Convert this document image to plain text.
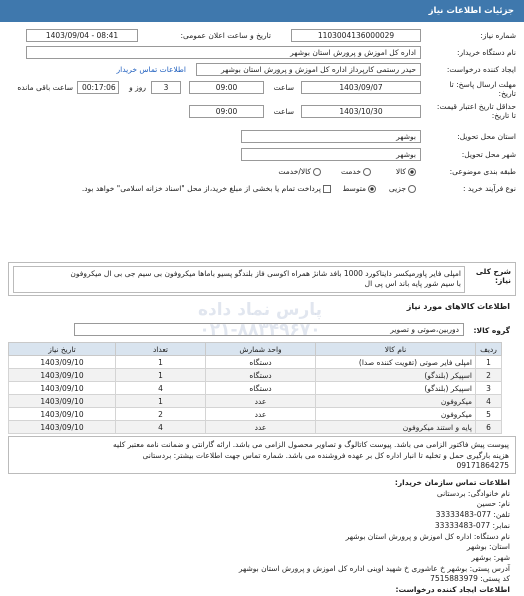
جزئیات اطلاعات نیاز
شماره نیاز:
1103004136000029
تاریخ و ساعت اعلان عمومی:
1403/09/04 - 08:41
نام دستگاه خریدار:
اداره کل اموزش و پرورش استان بوشهر
ایجاد کننده درخواست:
حیدر رستمی کارپرداز اداره کل اموزش و پرورش استان بوشهر
اطلاعات تماس خریدار
مهلت ارسال پاسخ: تا تاریخ:
1403/09/07
ساعت
09:00
3
روز و
00:17:06
ساعت باقی مانده
حداقل تاریخ اعتبار قیمت: تا تاریخ:
1403/10/30
ساعت
09:00
استان محل تحویل:
بوشهر
شهر محل تحویل:
بوشهر
طبقه بندی موضوعی:
کالا
خدمت
کالا/خدمت
نوع فرآیند خرید :
جزیی
متوسط
پرداخت تمام یا بخشی از مبلغ خرید،از محل "اسناد خزانه اسلامی" خواهد بود.
شرح کلی نیاز:
امپلی فایر پاورمیکسر دایناکورد 1000 بافد شانژ همراه اکوسی فاز بلندگو پسیو باماها میکروفون بی سیم جی بی ال میکروفون
با سیم شور پایه باند اس پی ال
اطلاعات کالاهای مورد نیاز
گروه کالا:
دوربین،صوتی و تصویر
ردیف	نام کالا	واحد شمارش	تعداد	تاریخ نیاز
1	امپلی فایر صوتی (تقویت کننده صدا)	دستگاه	1	1403/09/10
2	اسپیکر (بلندگو)	دستگاه	1	1403/09/10
3	اسپیکر (بلندگو)	دستگاه	4	1403/09/10
4	میکروفون	عدد	1	1403/09/10
5	میکروفون	عدد	2	1403/09/10
6	پایه و استند میکروفون	عدد	4	1403/09/10
پارس نماد داده
۰۲۱-۸۸۳۴۹۶۷۰
پیوست پیش فاکتور الزامی می باشد. پیوست کاتالوگ و تصاویر محصول الزامی می باشد. ارائه گارانتی و ضمانت نامه معتبر کلیه
هزینه بارگیری حمل و تخلیه تا انبار اداره کل بر عهده فروشنده می باشد. شماره تماس جهت اطلاعات بیشتر: بردستانی
09171864275
اطلاعات تماس سازمان خریدار:
نام خانوادگی: بردستانی
نام: حسین
تلفن: 077-33333483
نمابر: 077-33333483
نام دستگاه: اداره کل اموزش و پرورش استان بوشهر
استان: بوشهر
شهر: بوشهر
آدرس پستی: بوشهر خ عاشوری خ شهید اوینی اداره کل اموزش و پرورش استان بوشهر
کد پستی: 7515883979
اطلاعات ایجاد کننده درخواست:
